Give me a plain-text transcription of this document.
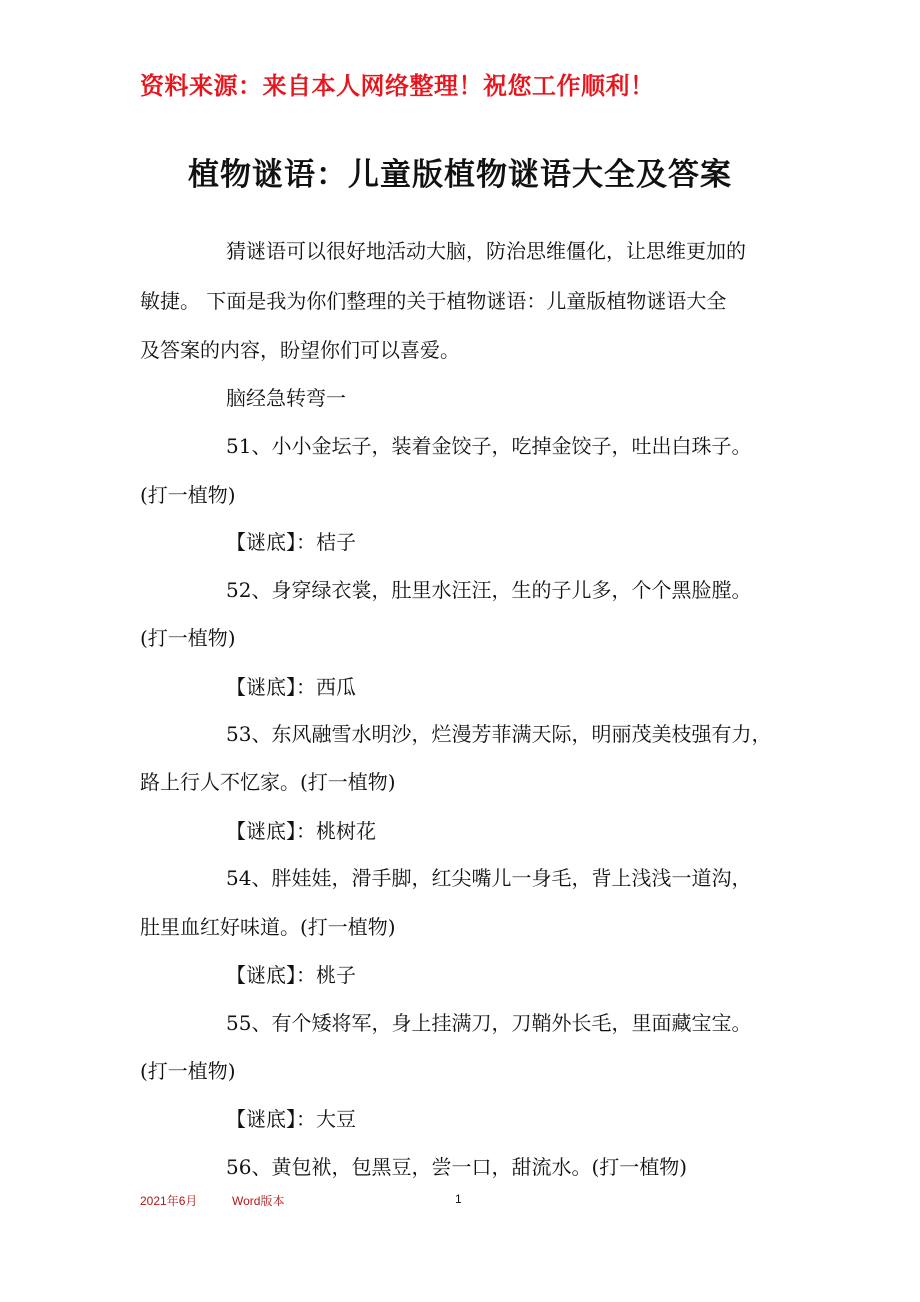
资料来源：来自本人网络整理！祝您工作顺利！
植物谜语：儿童版植物谜语大全及答案
猜谜语可以很好地活动大脑，防治思维僵化，让思维更加的
敏捷。 下面是我为你们整理的关于植物谜语：儿童版植物谜语大全
及答案的内容，盼望你们可以喜爱。
脑经急转弯一
51、小小金坛子，装着金饺子，吃掉金饺子，吐出白珠子。
(打一植物)
【谜底】：桔子
52、身穿绿衣裳，肚里水汪汪，生的子儿多，个个黑脸膛。
(打一植物)
【谜底】：西瓜
53、东风融雪水明沙，烂漫芳菲满天际，明丽茂美枝强有力，
路上行人不忆家。(打一植物)
【谜底】：桃树花
54、胖娃娃，滑手脚，红尖嘴儿一身毛，背上浅浅一道沟，
肚里血红好味道。(打一植物)
【谜底】：桃子
55、有个矮将军，身上挂满刀，刀鞘外长毛，里面藏宝宝。
(打一植物)
【谜底】：大豆
56、黄包袱，包黑豆，尝一口，甜流水。(打一植物)
2021年6月	Word版本	1
